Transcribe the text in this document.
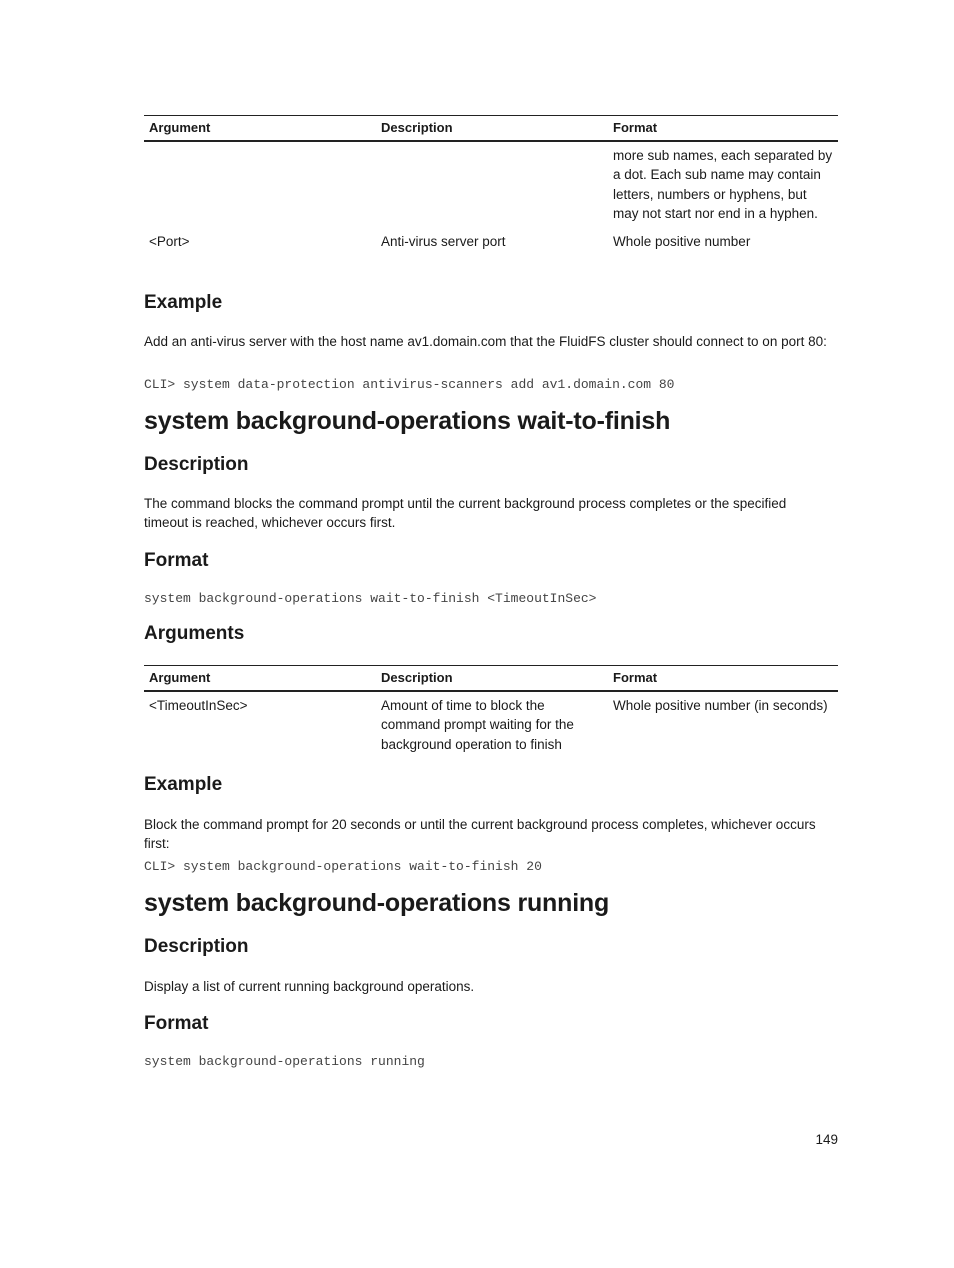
Argument	Description	Format
		more sub names, each separated by a dot. Each sub name may contain letters, numbers or hyphens, but may not start nor end in a hyphen.
<Port>	Anti-virus server port	Whole positive number
Example

Add an anti-virus server with the host name av1.domain.com that the FluidFS cluster should connect to on port 80:

CLI> system data-protection antivirus-scanners add av1.domain.com 80
system background-operations wait-to-finish
Description

The command blocks the command prompt until the current background process completes or the specified timeout is reached, whichever occurs first.

Format
system background-operations wait-to-finish <TimeoutInSec>
Arguments
Argument	Description	Format
<TimeoutInSec>	Amount of time to block the command prompt waiting for the background operation to finish	Whole positive number (in seconds)
Example

Block the command prompt for 20 seconds or until the current background process completes, whichever occurs first:

CLI> system background-operations wait-to-finish 20
system background-operations running
Description

Display a list of current running background operations.

Format
system background-operations running
149
